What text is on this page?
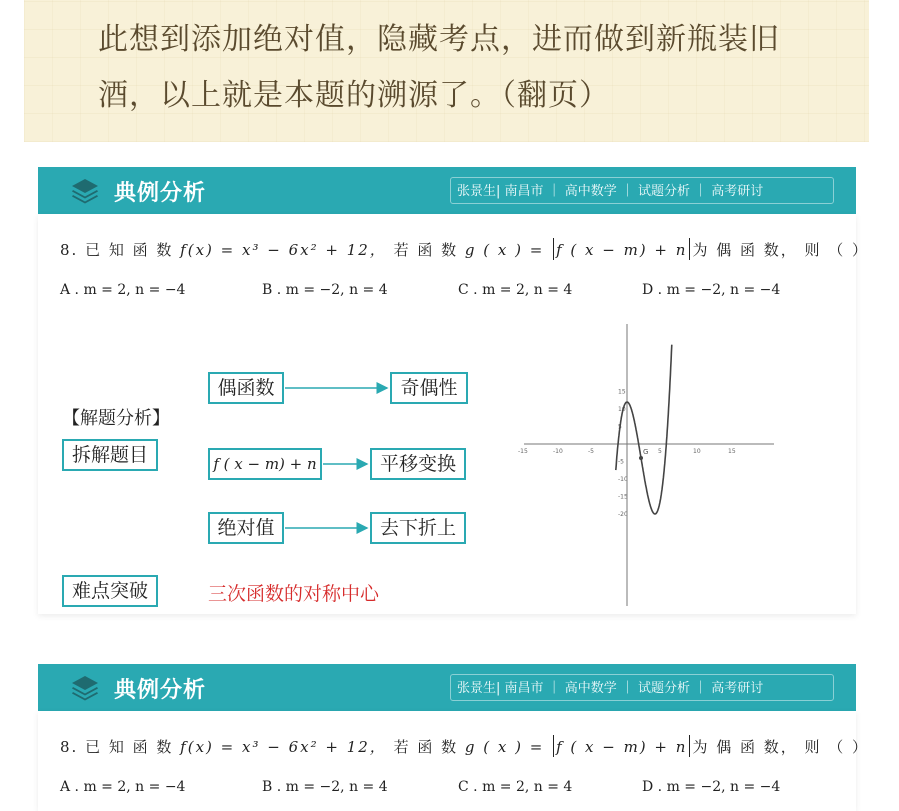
此想到添加绝对值，隐藏考点，进而做到新瓶装旧
酒，以上就是本题的溯源了。（翻页）
典例分析	张景生| 南昌市 ｜ 高中数学 ｜ 试题分析 ｜ 高考研讨
8. 已 知 函 数 f(x) = x³ − 6x² + 12， 若 函 数 g ( x ) = f ( x − m) + n 为 偶 函 数， 则 （ ）
A . m = 2, n = −4	B . m = −2, n = 4	C . m = 2, n = 4	D . m = −2, n = −4
【解题分析】
拆解题目
偶函数	奇偶性
f ( x − m) + n	平移变换
绝对值	去下折上
难点突破	三次函数的对称中心
-15	-10	-5	5	10	15
15
10
5
-5
-10
-15
-20
G
典例分析	张景生| 南昌市 ｜ 高中数学 ｜ 试题分析 ｜ 高考研讨
8. 已 知 函 数 f(x) = x³ − 6x² + 12， 若 函 数 g ( x ) = f ( x − m) + n 为 偶 函 数， 则 （ ）
A . m = 2, n = −4	B . m = −2, n = 4	C . m = 2, n = 4	D . m = −2, n = −4
